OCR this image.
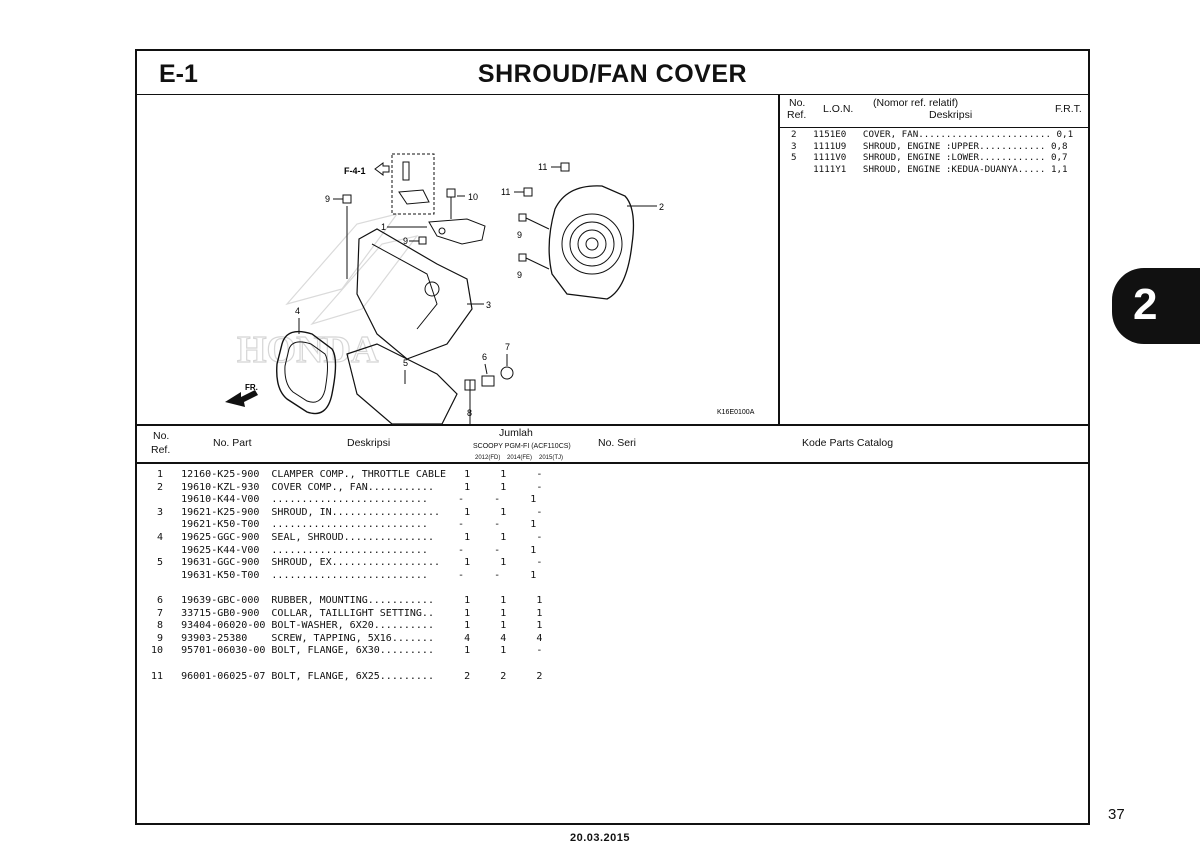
E-1	SHROUD/FAN COVER
No.
Ref. L.O.N. (Nomor ref. relatif)
Deskripsi	F.R.T.
2   1151E0   COVER, FAN........................ 0,1
3   1111U9   SHROUD, ENGINE :UPPER............ 0,8
5   1111V0   SHROUD, ENGINE :LOWER............ 0,7
1111Y1   SHROUD, ENGINE :KEDUA-DUANYA..... 1,1
HONDA
F-4-1
9	10
1
9
3
4
5
6
7
11
11
2
9
9
FR.
8	K16E0100A
No.
Ref.
No. Part	Deskripsi
Jumlah
SCOOPY PGM-FI (ACF110CS)
2012(FD) 2014(FE) 2015(TJ)
No. Seri	Kode Parts Catalog
1   12160-K25-900  CLAMPER COMP., THROTTLE CABLE   1     1     -
2   19610-KZL-930  COVER COMP., FAN...........     1     1     -
19610-K44-V00  ..........................     -     -     1
3   19621-K25-900  SHROUD, IN..................    1     1     -
19621-K50-T00  ..........................     -     -     1
4   19625-GGC-900  SEAL, SHROUD...............     1     1     -
19625-K44-V00  ..........................     -     -     1
5   19631-GGC-900  SHROUD, EX..................    1     1     -
19631-K50-T00  ..........................     -     -     1

6   19639-GBC-000  RUBBER, MOUNTING...........     1     1     1
7   33715-GB0-900  COLLAR, TAILLIGHT SETTING..     1     1     1
8   93404-06020-00 BOLT-WASHER, 6X20..........     1     1     1
9   93903-25380    SCREW, TAPPING, 5X16.......     4     4     4
10   95701-06030-00 BOLT, FLANGE, 6X30.........     1     1     -

11   96001-06025-07 BOLT, FLANGE, 6X25.........     2     2     2
2
37
20.03.2015
